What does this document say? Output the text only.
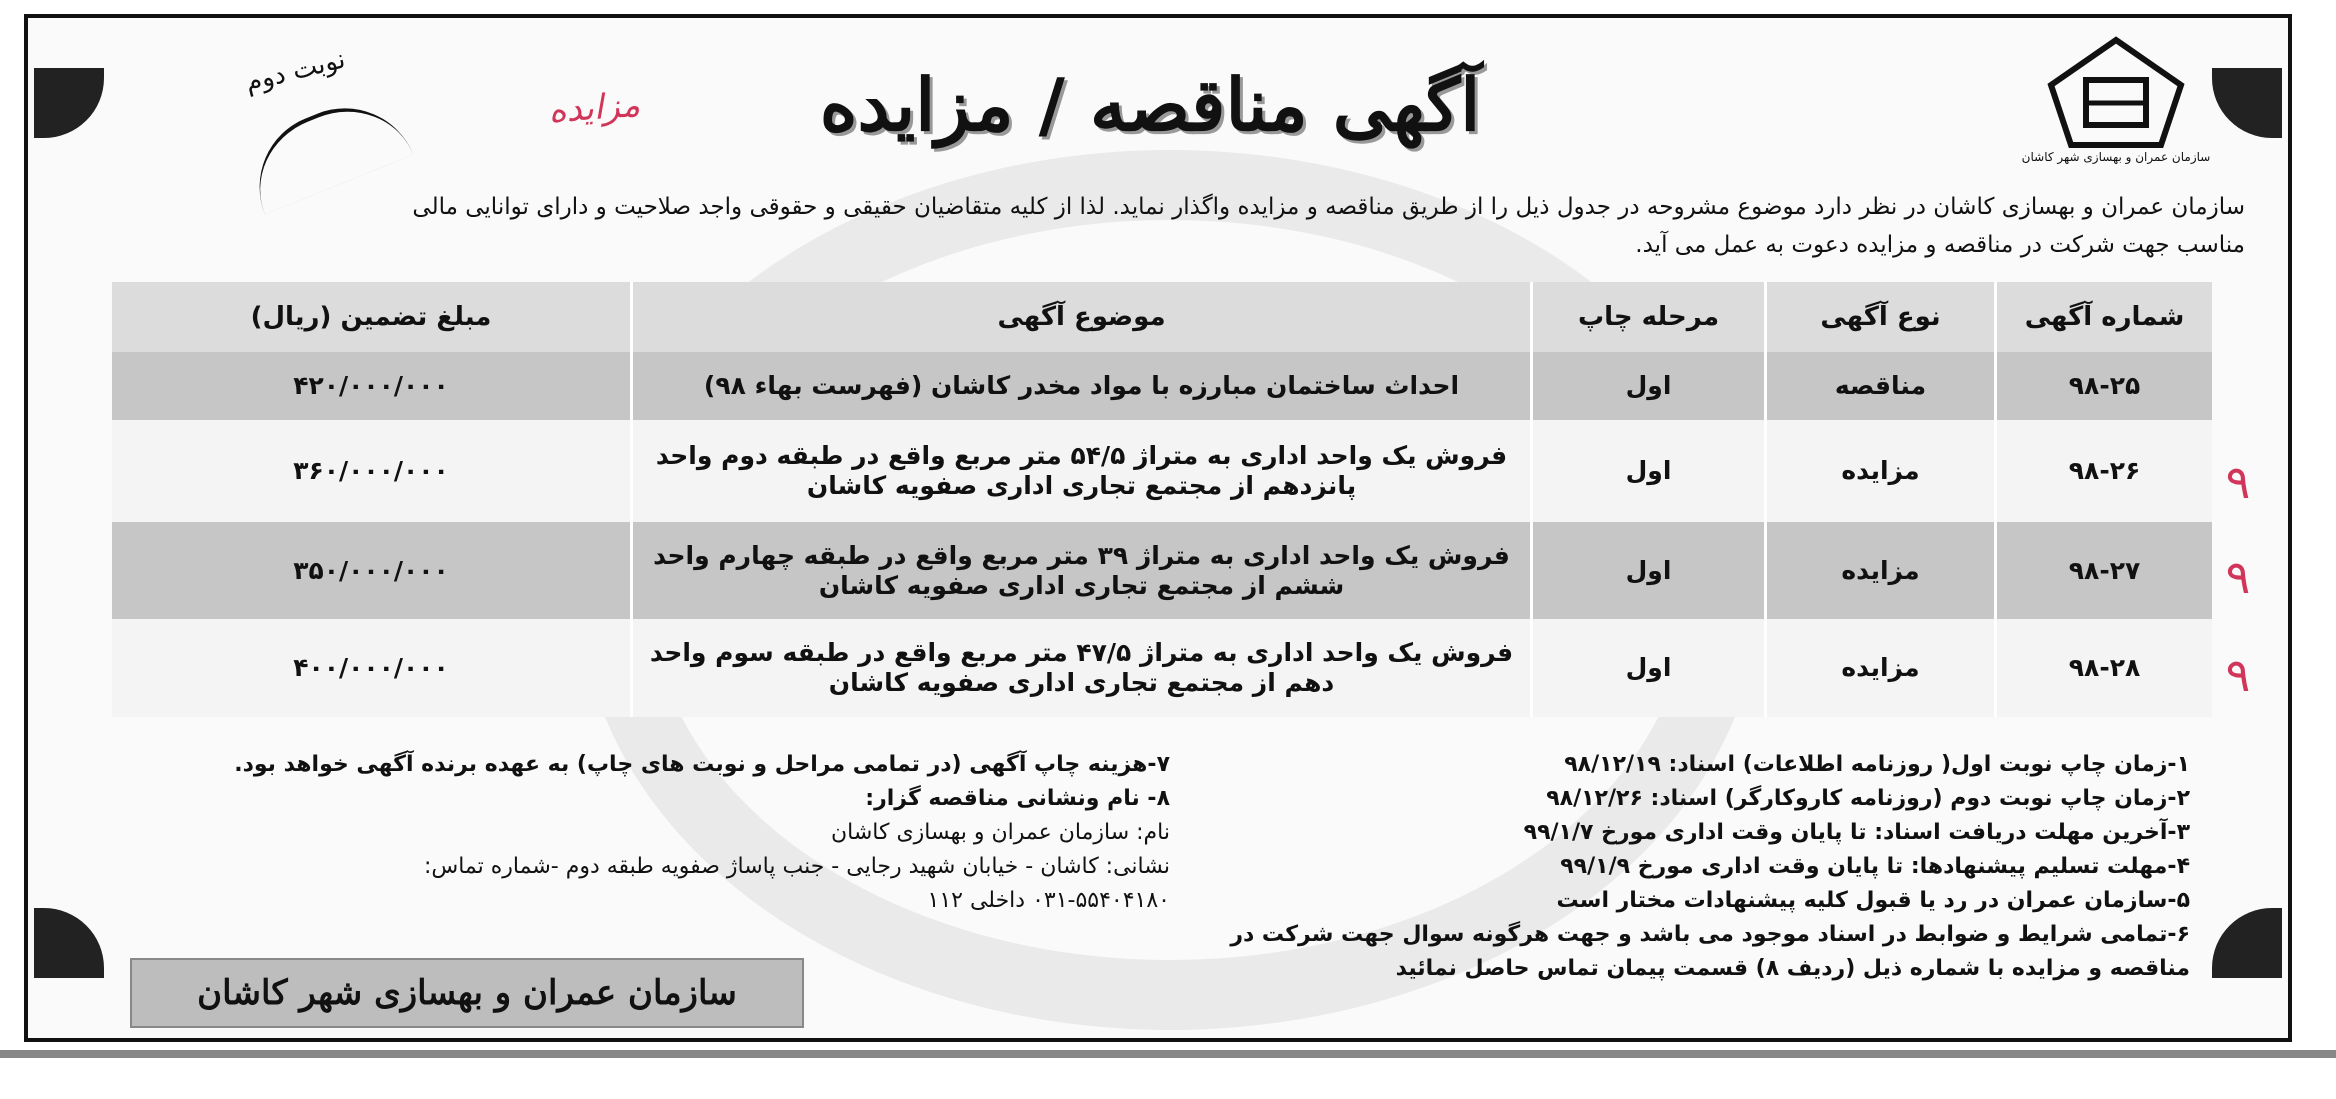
سازمان عمران و بهسازی شهر کاشان
آگهی مناقصه / مزایده
نوبت دوم
مزایده
سازمان عمران و بهسازی کاشان در نظر دارد موضوع مشروحه در جدول ذیل را از طریق مناقصه و مزایده واگذار نماید. لذا از کلیه متقاضیان حقیقی و حقوقی واجد صلاحیت و دارای توانایی مالی
مناسب جهت شرکت در مناقصه و مزایده دعوت به عمل می آید.
شماره آگهی
نوع آگهی
مرحله چاپ
موضوع آگهی
مبلغ تضمین (ریال)
۹۸-۲۵
مناقصه
اول
احداث ساختمان مبارزه با مواد مخدر کاشان (فهرست بهاء ۹۸)
۴۲۰/۰۰۰/۰۰۰
۹۸-۲۶
مزایده
اول
فروش یک واحد اداری به متراژ ۵۴/۵ متر مربع واقع در طبقه دوم واحد پانزدهم از مجتمع تجاری اداری صفویه کاشان
۳۶۰/۰۰۰/۰۰۰
۹۸-۲۷
مزایده
اول
فروش یک واحد اداری به متراژ ۳۹ متر مربع واقع در طبقه چهارم واحد ششم از مجتمع تجاری اداری صفویه کاشان
۳۵۰/۰۰۰/۰۰۰
۹۸-۲۸
مزایده
اول
فروش یک واحد اداری به متراژ ۴۷/۵ متر مربع واقع در طبقه سوم واحد دهم از مجتمع تجاری اداری صفویه کاشان
۴۰۰/۰۰۰/۰۰۰
۹
۹
۹
۱-زمان چاپ نوبت اول( روزنامه اطلاعات) اسناد: ۹۸/۱۲/۱۹
۲-زمان چاپ نوبت دوم (روزنامه کاروکارگر) اسناد: ۹۸/۱۲/۲۶
۳-آخرین مهلت دریافت اسناد: تا پایان وقت اداری مورخ ۹۹/۱/۷
۴-مهلت تسلیم پیشنهادها: تا پایان وقت اداری مورخ ۹۹/۱/۹
۵-سازمان عمران در رد یا قبول کلیه پیشنهادات مختار است
۶-تمامی شرایط و ضوابط در اسناد موجود می باشد و جهت هرگونه سوال جهت شرکت در
مناقصه و مزایده با شماره ذیل (ردیف ۸) قسمت پیمان تماس حاصل نمائید
۷-هزینه چاپ آگهی (در تمامی مراحل و نوبت های چاپ) به عهده برنده آگهی خواهد بود.
۸- نام ونشانی مناقصه گزار:
نام: سازمان عمران و بهسازی کاشان
نشانی: کاشان - خیابان شهید رجایی - جنب پاساژ صفویه طبقه دوم -شماره تماس:
۰۳۱-۵۵۴۰۴۱۸۰ داخلی ۱۱۲
سازمان عمران و بهسازی شهر کاشان
